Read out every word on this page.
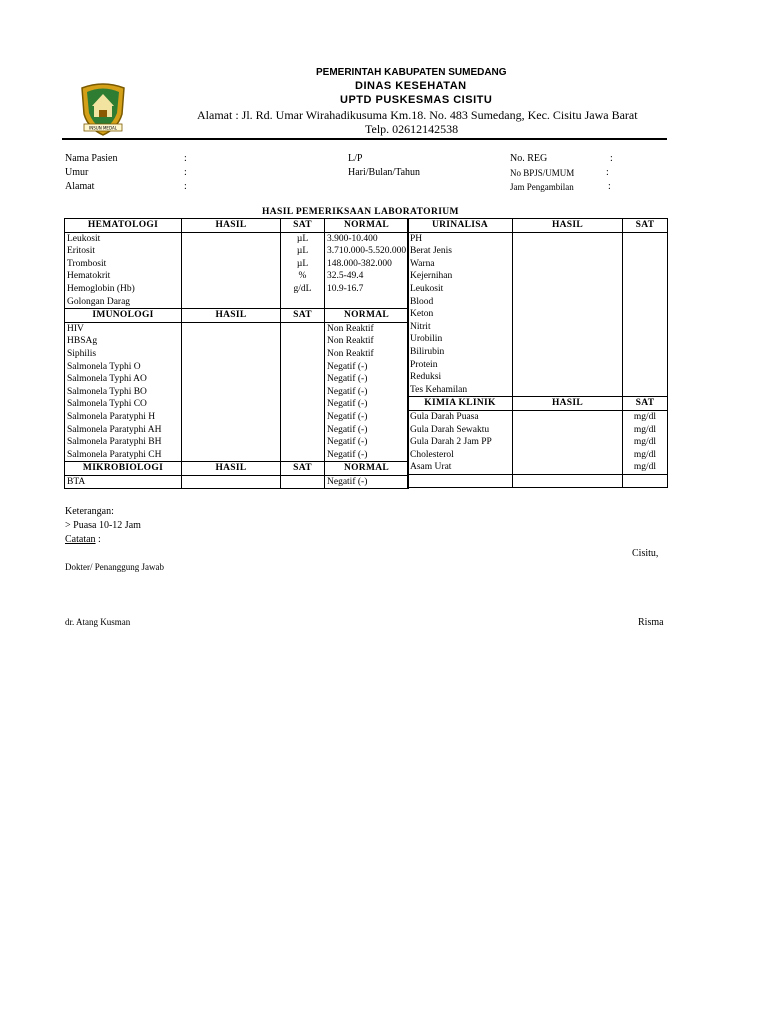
INSUN MEDAL
PEMERINTAH KABUPATEN SUMEDANG
DINAS KESEHATAN
UPTD PUSKESMAS CISITU
Alamat : Jl. Rd. Umar Wirahadikusuma Km.18. No. 483 Sumedang, Kec. Cisitu Jawa Barat
Telp. 02612142538
Nama Pasien
Umur
Alamat
:
:
:
L/P
Hari/Bulan/Tahun
No. REG
No BPJS/UMUM
Jam Pengambilan
:
:
:
HASIL PEMERIKSAAN LABORATORIUM
HEMATOLOGI	HASIL	SAT	NORMAL
Leukosit		µL	3.900-10.400
Eritosit		µL	3.710.000-5.520.000
Trombosit		µL	148.000-382.000
Hematokrit		%	32.5-49.4
Hemoglobin (Hb)		g/dL	10.9-16.7
Golongan Darag			
IMUNOLOGI	HASIL	SAT	NORMAL
HIV			Non Reaktif
HBSAg			Non Reaktif
Siphilis			Non Reaktif
Salmonela Typhi O			Negatif (-)
Salmonela Typhi AO			Negatif (-)
Salmonela Typhi BO			Negatif (-)
Salmonela Typhi CO			Negatif (-)
Salmonela Paratyphi H			Negatif (-)
Salmonela Paratyphi AH			Negatif (-)
Salmonela Paratyphi BH			Negatif (-)
Salmonela Paratyphi CH			Negatif (-)
MIKROBIOLOGI	HASIL	SAT	NORMAL
BTA			Negatif (-)
URINALISA	HASIL	SAT
PH		
Berat Jenis		
Warna		
Kejernihan		
Leukosit		
Blood		
Keton		
Nitrit		
Urobilin		
Bilirubin		
Protein		
Reduksi		
Tes Kehamilan		
KIMIA KLINIK	HASIL	SAT
Gula Darah Puasa		mg/dl
Gula Darah Sewaktu		mg/dl
Gula Darah 2 Jam PP		mg/dl
Cholesterol		mg/dl
Asam Urat		mg/dl

Keterangan:
> Puasa 10-12 Jam
Catatan :
Cisitu,
Dokter/ Penanggung Jawab
dr. Atang Kusman	Risma
